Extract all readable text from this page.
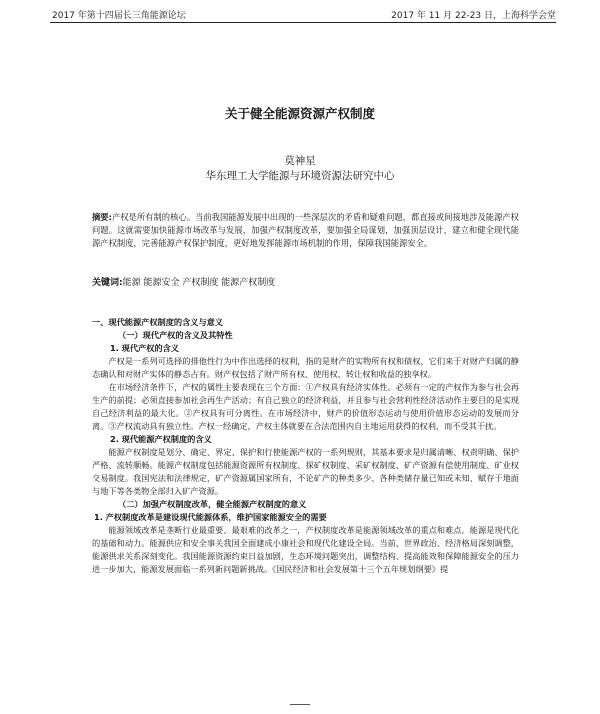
2017 年第十四届长三角能源论坛	2017 年 11 月 22-23 日，上海科学会堂
关于健全能源资源产权制度
莫神星
华东理工大学能源与环境资源法研究中心
摘要:产权是所有制的核心。当前我国能源发展中出现的一些深层次的矛盾和疑难问题，都直接或间接地涉及能源产权问题。这就需要加快能源市场改革与发展，加强产权制度改革，要加强全局谋划，加强顶层设计，建立和健全现代能源产权制度，完善能源产权保护制度，更好地发挥能源市场机制的作用，保障我国能源安全。
关键词:能源 能源安全 产权制度 能源产权制度

一、现代能源产权制度的含义与意义

（一）现代产权的含义及其特性

1. 现代产权的含义

产权是一系列可选择的排他性行为中作出选择的权利，指的是财产的实物所有权和债权，它们来于对财产归属的静态确认和对财产实体的静态占有。财产权包括了财产所有权、使用权、转让权和收益的独享权。

在市场经济条件下，产权的属性主要表现在三个方面：①产权具有经济实体性。必须有一定的产权作为参与社会再生产的前提；必须直接参加社会再生产活动；有自己独立的经济利益，并且参与社会营利性经济活动作主要目的是实现自己经济利益的最大化。②产权具有可分离性。在市场经济中，财产的价值形态运动与使用价值形态运动的发展而分离。③产权流动具有独立性。产权一经确定，产权主体就要在合法范围内自主地运用获得的权利，而不受其干扰。

2. 现代能源产权制度的含义

能源产权制度是划分、确定、界定、保护和行使能源产权的一系列规则，其基本要求是归属清晰、权责明确、保护严格、流转顺畅。能源产权制度包括能源资源所有权制度、探矿权制度、采矿权制度、矿产资源有偿使用制度、矿业权交易制度。我国宪法和法律规定，矿产资源属国家所有，不论矿产的种类多少、各种类储存量已知或未知、赋存于地面与地下等各类物全部归入矿产资源。

（二）加强产权制度改革，健全能源产权制度的意义

1. 产权制度改革是建设现代能源体系，维护国家能源安全的需要

能源领域改革是垄断行业最重要、最艰难的改革之一，产权制度改革是能源领域改革的重点和难点。能源是现代化的基础和动力。能源供应和安全事关我国全面建成小康社会和现代化建设全局。当前，世界政治、经济格局深刻调整，能源供求关系深刻变化。我国能源资源约束日益加剧，生态环境问题突出，调整结构、提高能效和保障能源安全的压力进一步加大，能源发展面临一系列新问题新挑战。《国民经济和社会发展第十三个五年规划纲要》提
